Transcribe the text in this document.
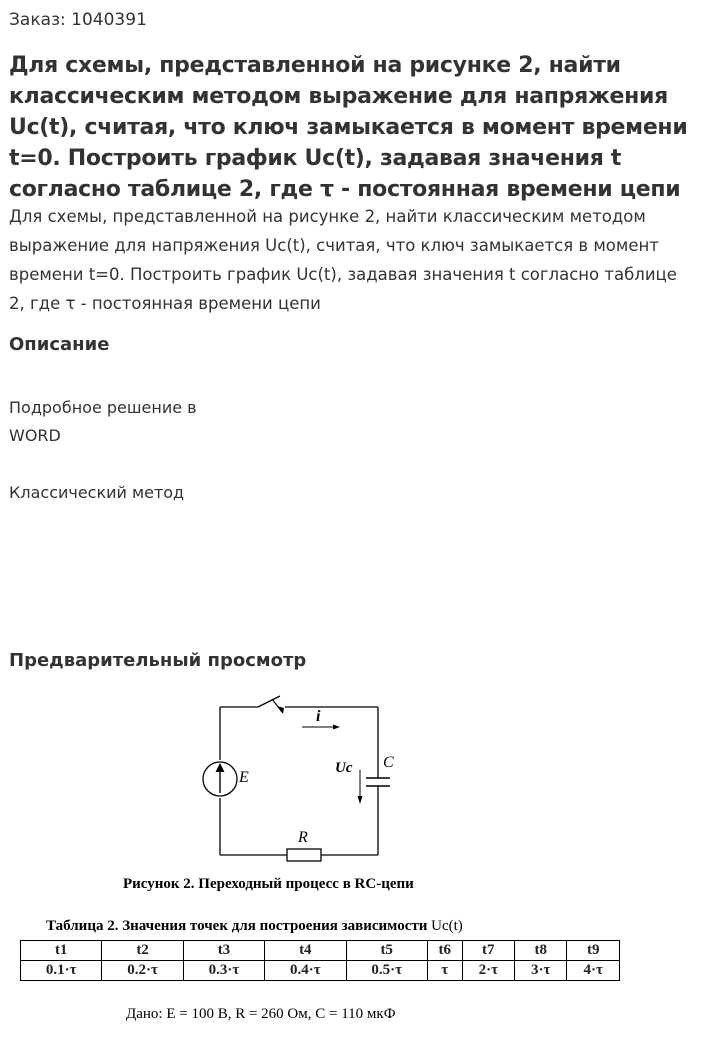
Заказ: 1040391
Для схемы, представленной на рисунке 2, найти классическим методом выражение для напряжения Uc(t), считая, что ключ замыкается в момент времени t=0. Построить график Uc(t), задавая значения t согласно таблице 2, где τ - постоянная времени цепи

Для схемы, представленной на рисунке 2, найти классическим методом выражение для напряжения Uc(t), считая, что ключ замыкается в момент времени t=0. Построить график Uc(t), задавая значения t согласно таблице 2, где τ - постоянная времени цепи

Описание

Подробное решение в

WORD

Классический метод

Предварительный просмотр
i
Uc C
E
R
Рисунок 2. Переходный процесс в RC-цепи
Таблица 2. Значения точек для построения зависимости Uc(t)
t1	t2	t3	t4	t5	t6	t7	t8	t9
0.1·τ	0.2·τ	0.3·τ	0.4·τ	0.5·τ	τ	2·τ	3·τ	4·τ
Дано: E = 100 В, R = 260 Ом, C = 110 мкФ
